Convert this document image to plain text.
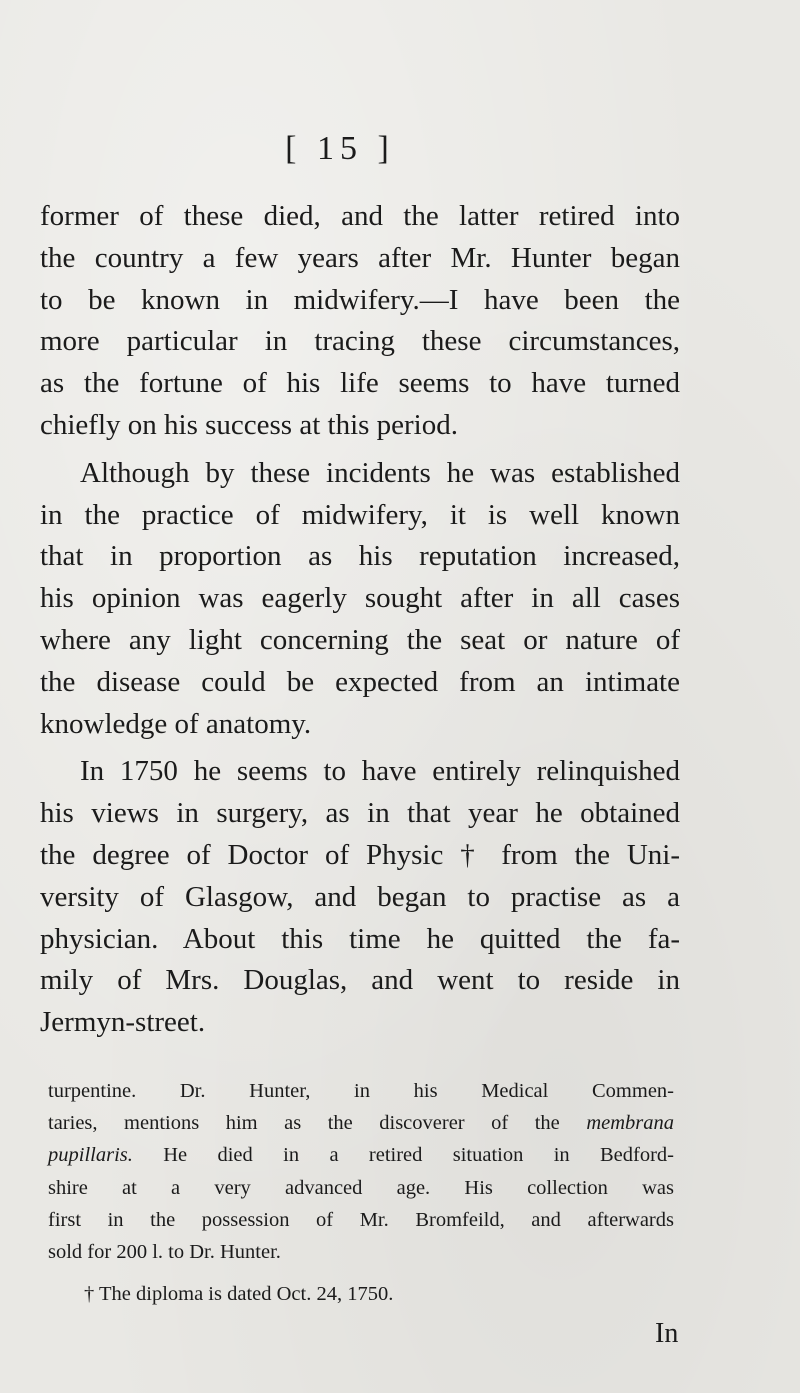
[ 15 ]
former of these died, and the latter retired into
the country a few years after Mr. Hunter began
to be known in midwifery.—I have been the
more particular in tracing these circumstances,
as the fortune of his life seems to have turned
chiefly on his success at this period.
Although by these incidents he was established
in the practice of midwifery, it is well known
that in proportion as his reputation increased,
his opinion was eagerly sought after in all cases
where any light concerning the seat or nature of
the disease could be expected from an intimate
knowledge of anatomy.
In 1750 he seems to have entirely relinquished
his views in surgery, as in that year he obtained
the degree of Doctor of Physic † from the Uni-
versity of Glasgow, and began to practise as a
physician. About this time he quitted the fa-
mily of Mrs. Douglas, and went to reside in
Jermyn-street.
turpentine. Dr. Hunter, in his Medical Commen-
taries, mentions him as the discoverer of the membrana
pupillaris. He died in a retired situation in Bedford-
shire at a very advanced age. His collection was
first in the possession of Mr. Bromfeild, and afterwards
sold for 200 l. to Dr. Hunter.
† The diploma is dated Oct. 24, 1750.
In
